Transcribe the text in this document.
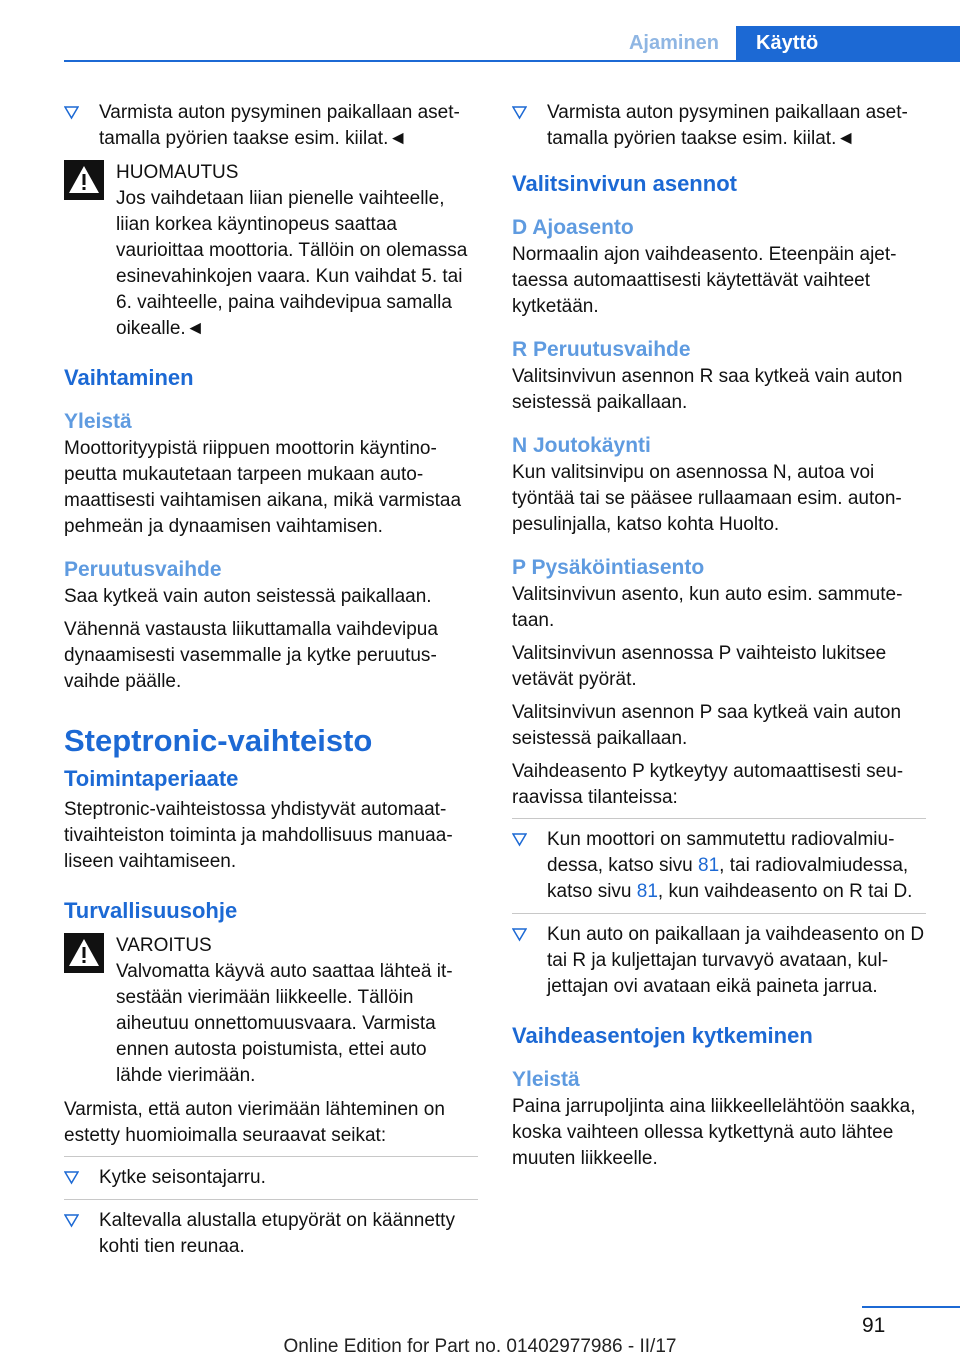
Ajaminen	Käyttö
Varmista auton pysyminen paikallaan asettamalla pyörien taakse esim. kiilat.◄
HUOMAUTUS
Jos vaihdetaan liian pienelle vaihteelle, liian korkea käyntinopeus saattaa vaurioittaa moottoria. Tällöin on olemassa esinevahinkojen vaara. Kun vaihdat 5. tai 6. vaihteelle, paina vaihdevipua samalla oikealle.◄
Vaihtaminen
Yleistä

Moottorityypistä riippuen moottorin käyntinopeutta mukautetaan tarpeen mukaan automaattisesti vaihtamisen aikana, mikä varmistaa pehmeän ja dynaamisen vaihtamisen.

Peruutusvaihde

Saa kytkeä vain auton seistessä paikallaan.

Vähennä vastausta liikuttamalla vaihdevipua dynaamisesti vasemmalle ja kytke peruutusvaihde päälle.

Steptronic-vaihteisto
Toimintaperiaate

Steptronic-vaihteistossa yhdistyvät automaattivaihteiston toiminta ja mahdollisuus manuaaliseen vaihtamiseen.

Turvallisuusohje
VAROITUS
Valvomatta käyvä auto saattaa lähteä itsestään vierimään liikkeelle. Tällöin aiheutuu onnettomuusvaara. Varmista ennen autosta poistumista, ettei auto lähde vierimään.

Varmista, että auton vierimään lähteminen on estetty huomioimalla seuraavat seikat:

Kytke seisontajarru.
Kaltevalla alustalla etupyörät on käännetty kohti tien reunaa.
Varmista auton pysyminen paikallaan asettamalla pyörien taakse esim. kiilat.◄
Valitsinvivun asennot
D Ajoasento

Normaalin ajon vaihdeasento. Eteenpäin ajettaessa automaattisesti käytettävät vaihteet kytketään.

R Peruutusvaihde

Valitsinvivun asennon R saa kytkeä vain auton seistessä paikallaan.

N Joutokäynti

Kun valitsinvipu on asennossa N, autoa voi työntää tai se pääsee rullaamaan esim. autonpesulinjalla, katso kohta Huolto.

P Pysäköintiasento

Valitsinvivun asento, kun auto esim. sammutetaan.

Valitsinvivun asennossa P vaihteisto lukitsee vetävät pyörät.

Valitsinvivun asennon P saa kytkeä vain auton seistessä paikallaan.

Vaihdeasento P kytkeytyy automaattisesti seuraavissa tilanteissa:

Kun moottori on sammutettu radiovalmiudessa, katso sivu 81, tai radiovalmiudessa, katso sivu 81, kun vaihdeasento on R tai D.
Kun auto on paikallaan ja vaihdeasento on D tai R ja kuljettajan turvavyö avataan, kuljettajan ovi avataan eikä paineta jarrua.
Vaihdeasentojen kytkeminen
Yleistä

Paina jarrupoljinta aina liikkeellelähtöön saakka, koska vaihteen ollessa kytkettynä auto lähtee muuten liikkeelle.

91
Online Edition for Part no. 01402977986 - II/17
